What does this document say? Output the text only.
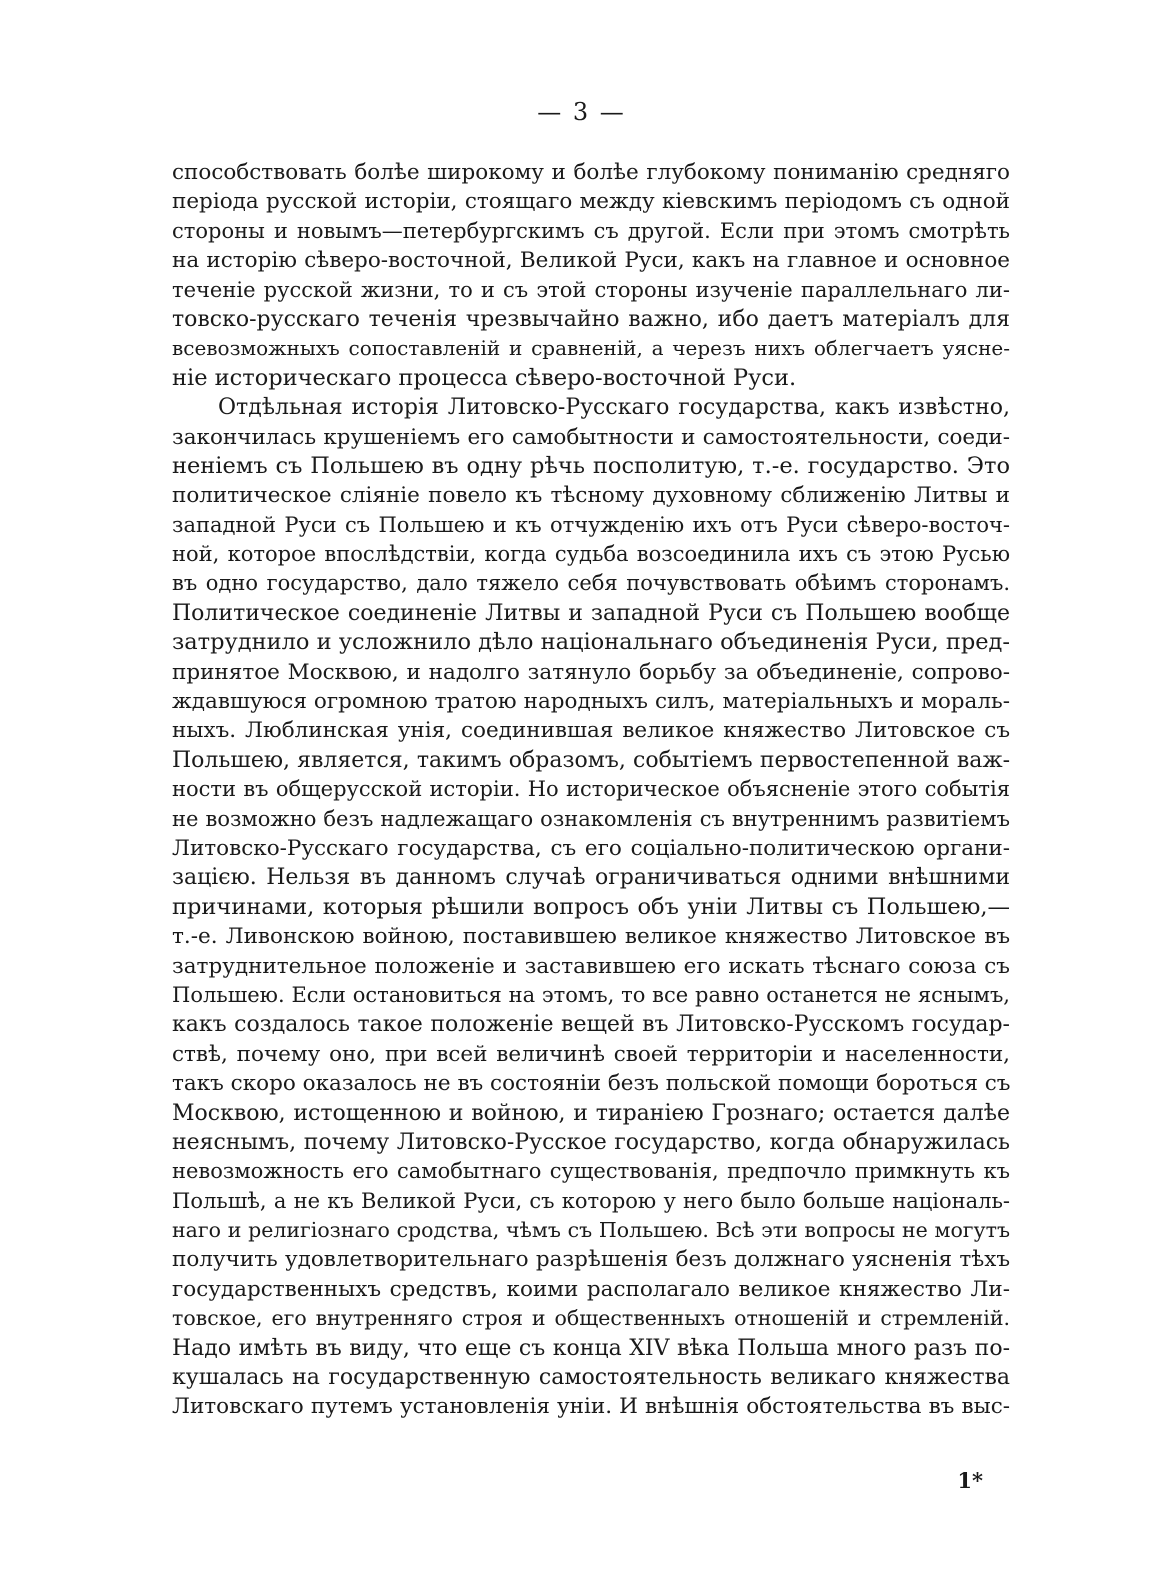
— 3 —
способствовать болѣе широкому и болѣе глубокому пониманію средняго
періода русской исторіи, стоящаго между кіевскимъ періодомъ съ одной
стороны и новымъ—петербургскимъ съ другой. Если при этомъ смотрѣть
на исторію сѣверо-восточной, Великой Руси, какъ на главное и основное
теченіе русской жизни, то и съ этой стороны изученіе параллельнаго ли-
товско-русскаго теченія чрезвычайно важно, ибо даетъ матеріалъ для
всевозможныхъ сопоставленій и сравненій, а черезъ нихъ облегчаетъ уясне-
ніе историческаго процесса сѣверо-восточной Руси.
Отдѣльная исторія Литовско-Русскаго государства, какъ извѣстно,
закончилась крушеніемъ его самобытности и самостоятельности, соеди-
неніемъ съ Польшею въ одну рѣчь посполитую, т.-е. государство. Это
политическое сліяніе повело къ тѣсному духовному сближенію Литвы и
западной Руси съ Польшею и къ отчужденію ихъ отъ Руси сѣверо-восточ-
ной, которое впослѣдствіи, когда судьба возсоединила ихъ съ этою Русью
въ одно государство, дало тяжело себя почувствовать обѣимъ сторонамъ.
Политическое соединеніе Литвы и западной Руси съ Польшею вообще
затруднило и усложнило дѣло національнаго объединенія Руси, пред-
принятое Москвою, и надолго затянуло борьбу за объединеніе, сопрово-
ждавшуюся огромною тратою народныхъ силъ, матеріальныхъ и мораль-
ныхъ. Люблинская унія, соединившая великое княжество Литовское съ
Польшею, является, такимъ образомъ, событіемъ первостепенной важ-
ности въ общерусской исторіи. Но историческое объясненіе этого событія
не возможно безъ надлежащаго ознакомленія съ внутреннимъ развитіемъ
Литовско-Русскаго государства, съ его соціально-политическою органи-
зацією. Нельзя въ данномъ случаѣ ограничиваться одними внѣшними
причинами, которыя рѣшили вопросъ объ уніи Литвы съ Польшею,—
т.-е. Ливонскою войною, поставившею великое княжество Литовское въ
затруднительное положеніе и заставившею его искать тѣснаго союза съ
Польшею. Если остановиться на этомъ, то все равно останется не яснымъ,
какъ создалось такое положеніе вещей въ Литовско-Русскомъ государ-
ствѣ, почему оно, при всей величинѣ своей территоріи и населенности,
такъ скоро оказалось не въ состояніи безъ польской помощи бороться съ
Москвою, истощенною и войною, и тираніею Грознаго; остается далѣе
неяснымъ, почему Литовско-Русское государство, когда обнаружилась
невозможность его самобытнаго существованія, предпочло примкнуть къ
Польшѣ, а не къ Великой Руси, съ которою у него было больше національ-
наго и религіознаго сродства, чѣмъ съ Польшею. Всѣ эти вопросы не могутъ
получить удовлетворительнаго разрѣшенія безъ должнаго уясненія тѣхъ
государственныхъ средствъ, коими располагало великое княжество Ли-
товское, его внутренняго строя и общественныхъ отношеній и стремленій.
Надо имѣть въ виду, что еще съ конца XIV вѣка Польша много разъ по-
кушалась на государственную самостоятельность великаго княжества
Литовскаго путемъ установленія уніи. И внѣшнія обстоятельства въ выс-
1*
